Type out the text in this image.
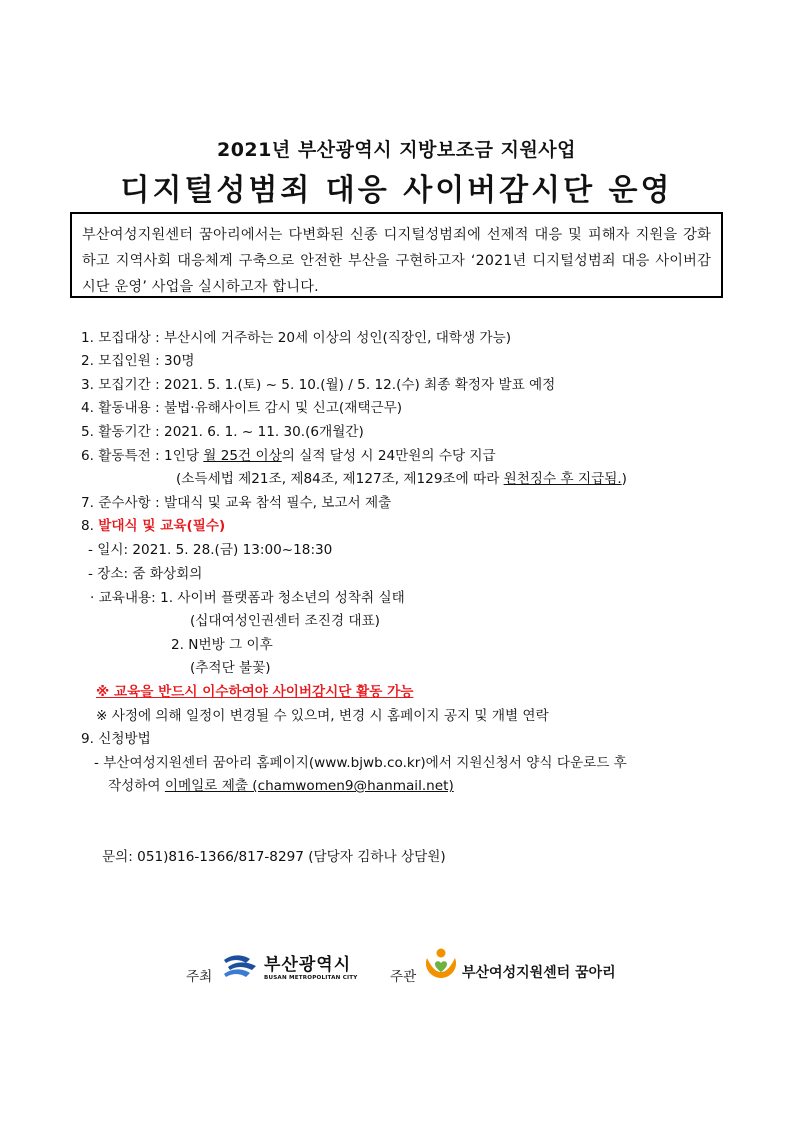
2021년 부산광역시 지방보조금 지원사업
디지털성범죄 대응 사이버감시단 운영
부산여성지원센터 꿈아리에서는 다변화된 신종 디지털성범죄에 선제적 대응 및 피해자 지원을 강화하고 지역사회 대응체계 구축으로 안전한 부산을 구현하고자 ‘2021년 디지털성범죄 대응 사이버감시단 운영’ 사업을 실시하고자 합니다.
1. 모집대상 : 부산시에 거주하는 20세 이상의 성인(직장인, 대학생 가능)
2. 모집인원 : 30명
3. 모집기간 : 2021. 5. 1.(토) ~ 5. 10.(월) / 5. 12.(수) 최종 확정자 발표 예정
4. 활동내용 : 불법·유해사이트 감시 및 신고(재택근무)
5. 활동기간 : 2021. 6. 1. ~ 11. 30.(6개월간)
6. 활동특전 : 1인당 월 25건 이상의 실적 달성 시 24만원의 수당 지급
(소득세법 제21조, 제84조, 제127조, 제129조에 따라 원천징수 후 지급됨.)
7. 준수사항 : 발대식 및 교육 참석 필수, 보고서 제출
8. 발대식 및 교육(필수)
- 일시: 2021. 5. 28.(금) 13:00~18:30
- 장소: 줌 화상회의
· 교육내용: 1. 사이버 플랫폼과 청소년의 성착취 실태
(십대여성인권센터 조진경 대표)
2. N번방 그 이후
(추적단 불꽃)
※ 교육을 반드시 이수하여야 사이버감시단 활동 가능
※ 사정에 의해 일정이 변경될 수 있으며, 변경 시 홈페이지 공지 및 개별 연락
9. 신청방법
- 부산여성지원센터 꿈아리 홈페이지(www.bjwb.co.kr)에서 지원신청서 양식 다운로드 후
작성하여 이메일로 제출 (chamwomen9@hanmail.net)
문의: 051)816-1366/817-8297 (담당자 김하나 상담원)
주최
부산광역시
BUSAN METROPOLITAN CITY 주관	부산여성지원센터 꿈아리
